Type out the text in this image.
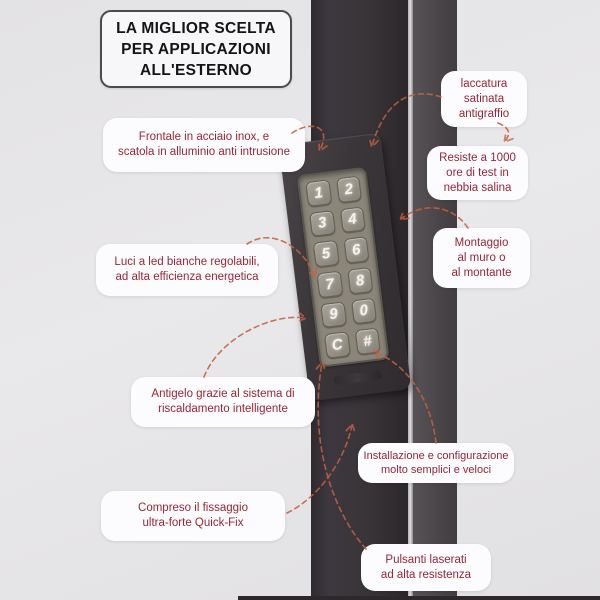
1	2
3	4
5	6
7	8
9	0
C	#
LA MIGLIOR SCELTA
PER APPLICAZIONI
ALL'ESTERNO
Frontale in acciaio inox, e
scatola in alluminio anti intrusione
Luci a led bianche regolabili,
ad alta efficienza energetica
Antigelo grazie al sistema di
riscaldamento intelligente
Compreso il fissaggio
ultra-forte Quick-Fix
laccatura
satinata
antigraffio
Resiste a 1000
ore di test in
nebbia salina
Montaggio
al muro o
al montante
Installazione e configurazione
molto semplici e veloci
Pulsanti laserati
ad alta resistenza
